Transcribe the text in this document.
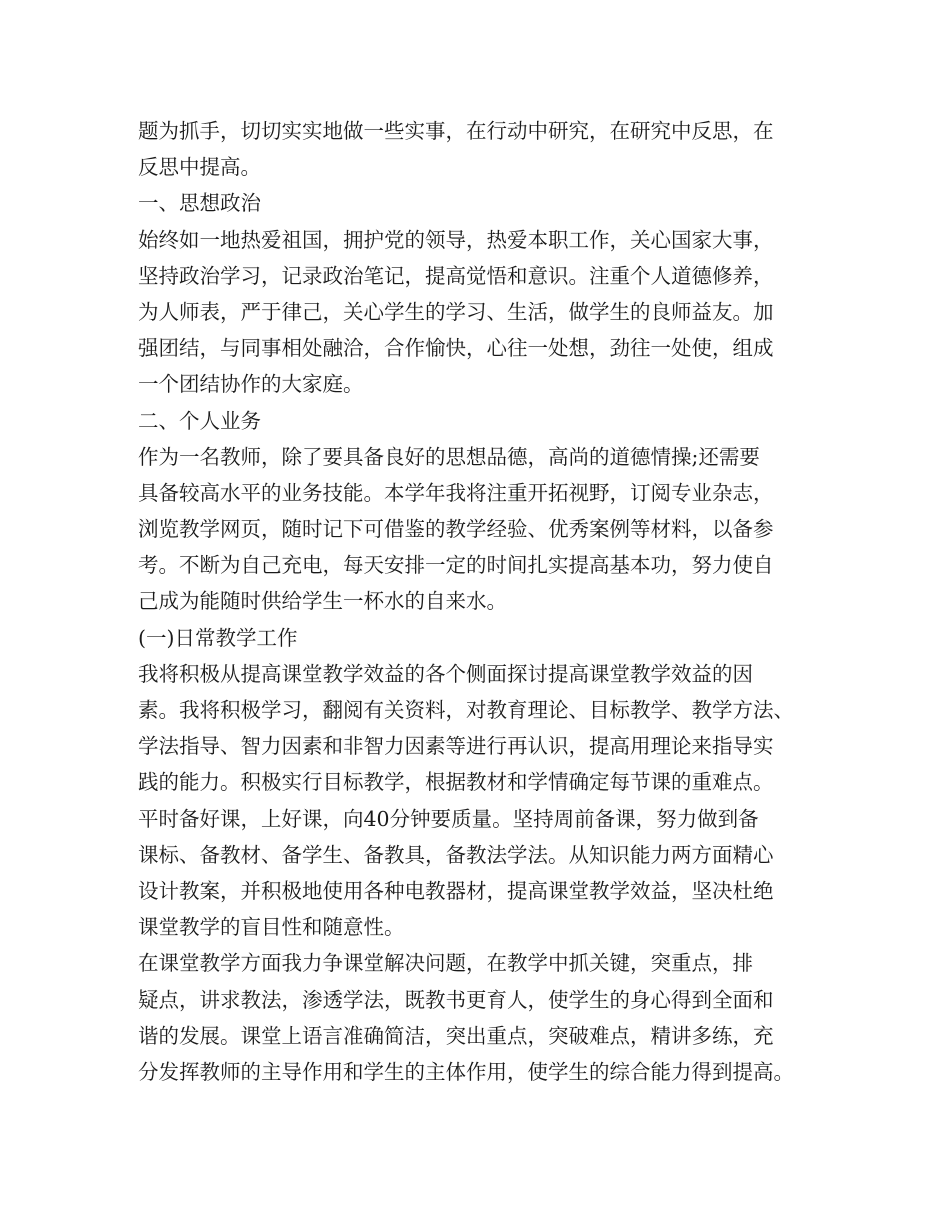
题为抓手，切切实实地做一些实事，在行动中研究，在研究中反思，在
反思中提高。
一、思想政治
始终如一地热爱祖国，拥护党的领导，热爱本职工作，关心国家大事，
坚持政治学习，记录政治笔记，提高觉悟和意识。注重个人道德修养，
为人师表，严于律己，关心学生的学习、生活，做学生的良师益友。加
强团结，与同事相处融洽，合作愉快，心往一处想，劲往一处使，组成
一个团结协作的大家庭。
二、个人业务
作为一名教师，除了要具备良好的思想品德，高尚的道德情操;还需要
具备较高水平的业务技能。本学年我将注重开拓视野，订阅专业杂志，
浏览教学网页，随时记下可借鉴的教学经验、优秀案例等材料，以备参
考。不断为自己充电，每天安排一定的时间扎实提高基本功，努力使自
己成为能随时供给学生一杯水的自来水。
(一)日常教学工作
我将积极从提高课堂教学效益的各个侧面探讨提高课堂教学效益的因
素。我将积极学习，翻阅有关资料，对教育理论、目标教学、教学方法、
学法指导、智力因素和非智力因素等进行再认识，提高用理论来指导实
践的能力。积极实行目标教学，根据教材和学情确定每节课的重难点。
平时备好课，上好课，向40分钟要质量。坚持周前备课，努力做到备
课标、备教材、备学生、备教具，备教法学法。从知识能力两方面精心
设计教案，并积极地使用各种电教器材，提高课堂教学效益，坚决杜绝
课堂教学的盲目性和随意性。
在课堂教学方面我力争课堂解决问题，在教学中抓关键，突重点，排
疑点，讲求教法，渗透学法，既教书更育人，使学生的身心得到全面和
谐的发展。课堂上语言准确简洁，突出重点，突破难点，精讲多练，充
分发挥教师的主导作用和学生的主体作用，使学生的综合能力得到提高。
